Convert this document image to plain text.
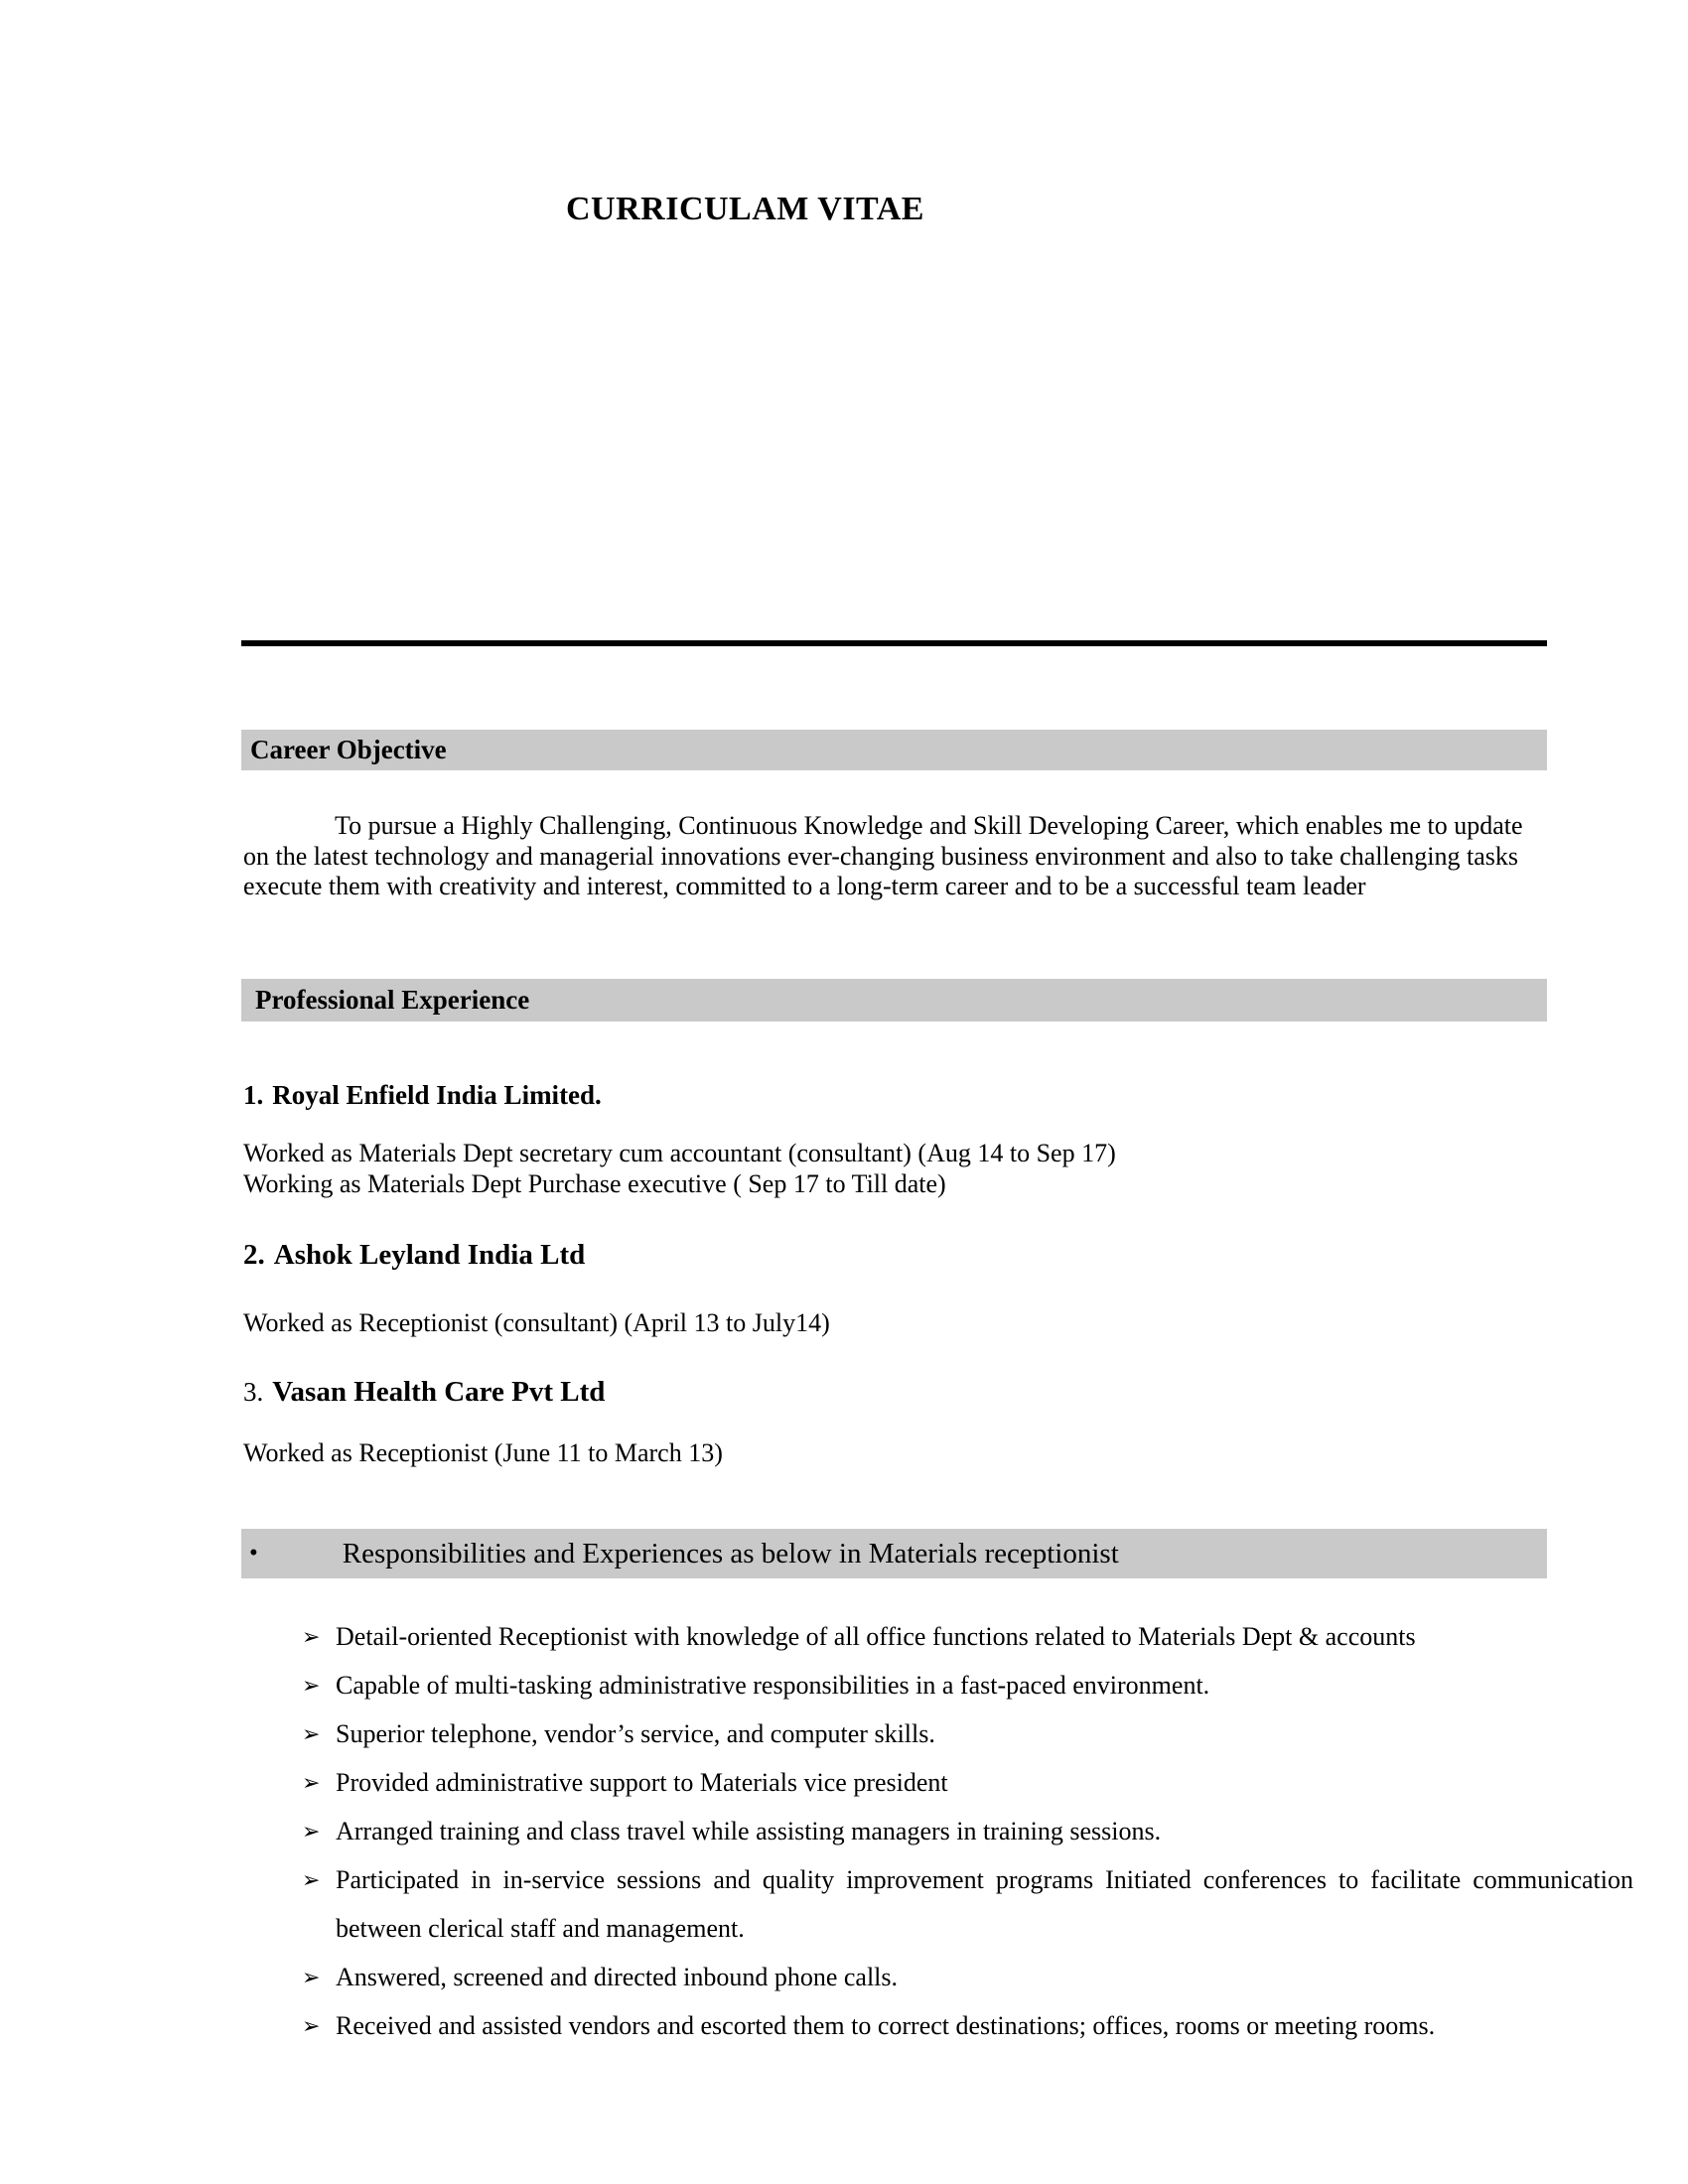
CURRICULAM VITAE
Career Objective

To pursue a Highly Challenging, Continuous Knowledge and Skill Developing Career, which enables me to update on the latest technology and managerial innovations ever-changing business environment and also to take challenging tasks execute them with creativity and interest, committed to a long-term career and to be a successful team leader

Professional Experience
1. Royal Enfield India Limited.
Worked as Materials Dept secretary cum accountant (consultant) (Aug 14 to Sep 17)
Working as Materials Dept Purchase executive ( Sep 17 to Till date)
2. Ashok Leyland India Ltd
Worked as Receptionist (consultant) (April 13 to July14)
3. Vasan Health Care Pvt Ltd
Worked as Receptionist (June 11 to March 13)
•	Responsibilities and Experiences as below in Materials receptionist
➢ Detail-oriented Receptionist with knowledge of all office functions related to Materials Dept & accounts
➢ Capable of multi-tasking administrative responsibilities in a fast-paced environment.
➢ Superior telephone, vendor’s service, and computer skills.
➢ Provided administrative support to Materials vice president
➢ Arranged training and class travel while assisting managers in training sessions.
➢ Participated in in-service sessions and quality improvement programs Initiated conferences to facilitate communication between clerical staff and management.
➢ Answered, screened and directed inbound phone calls.
➢ Received and assisted vendors and escorted them to correct destinations; offices, rooms or meeting rooms.
